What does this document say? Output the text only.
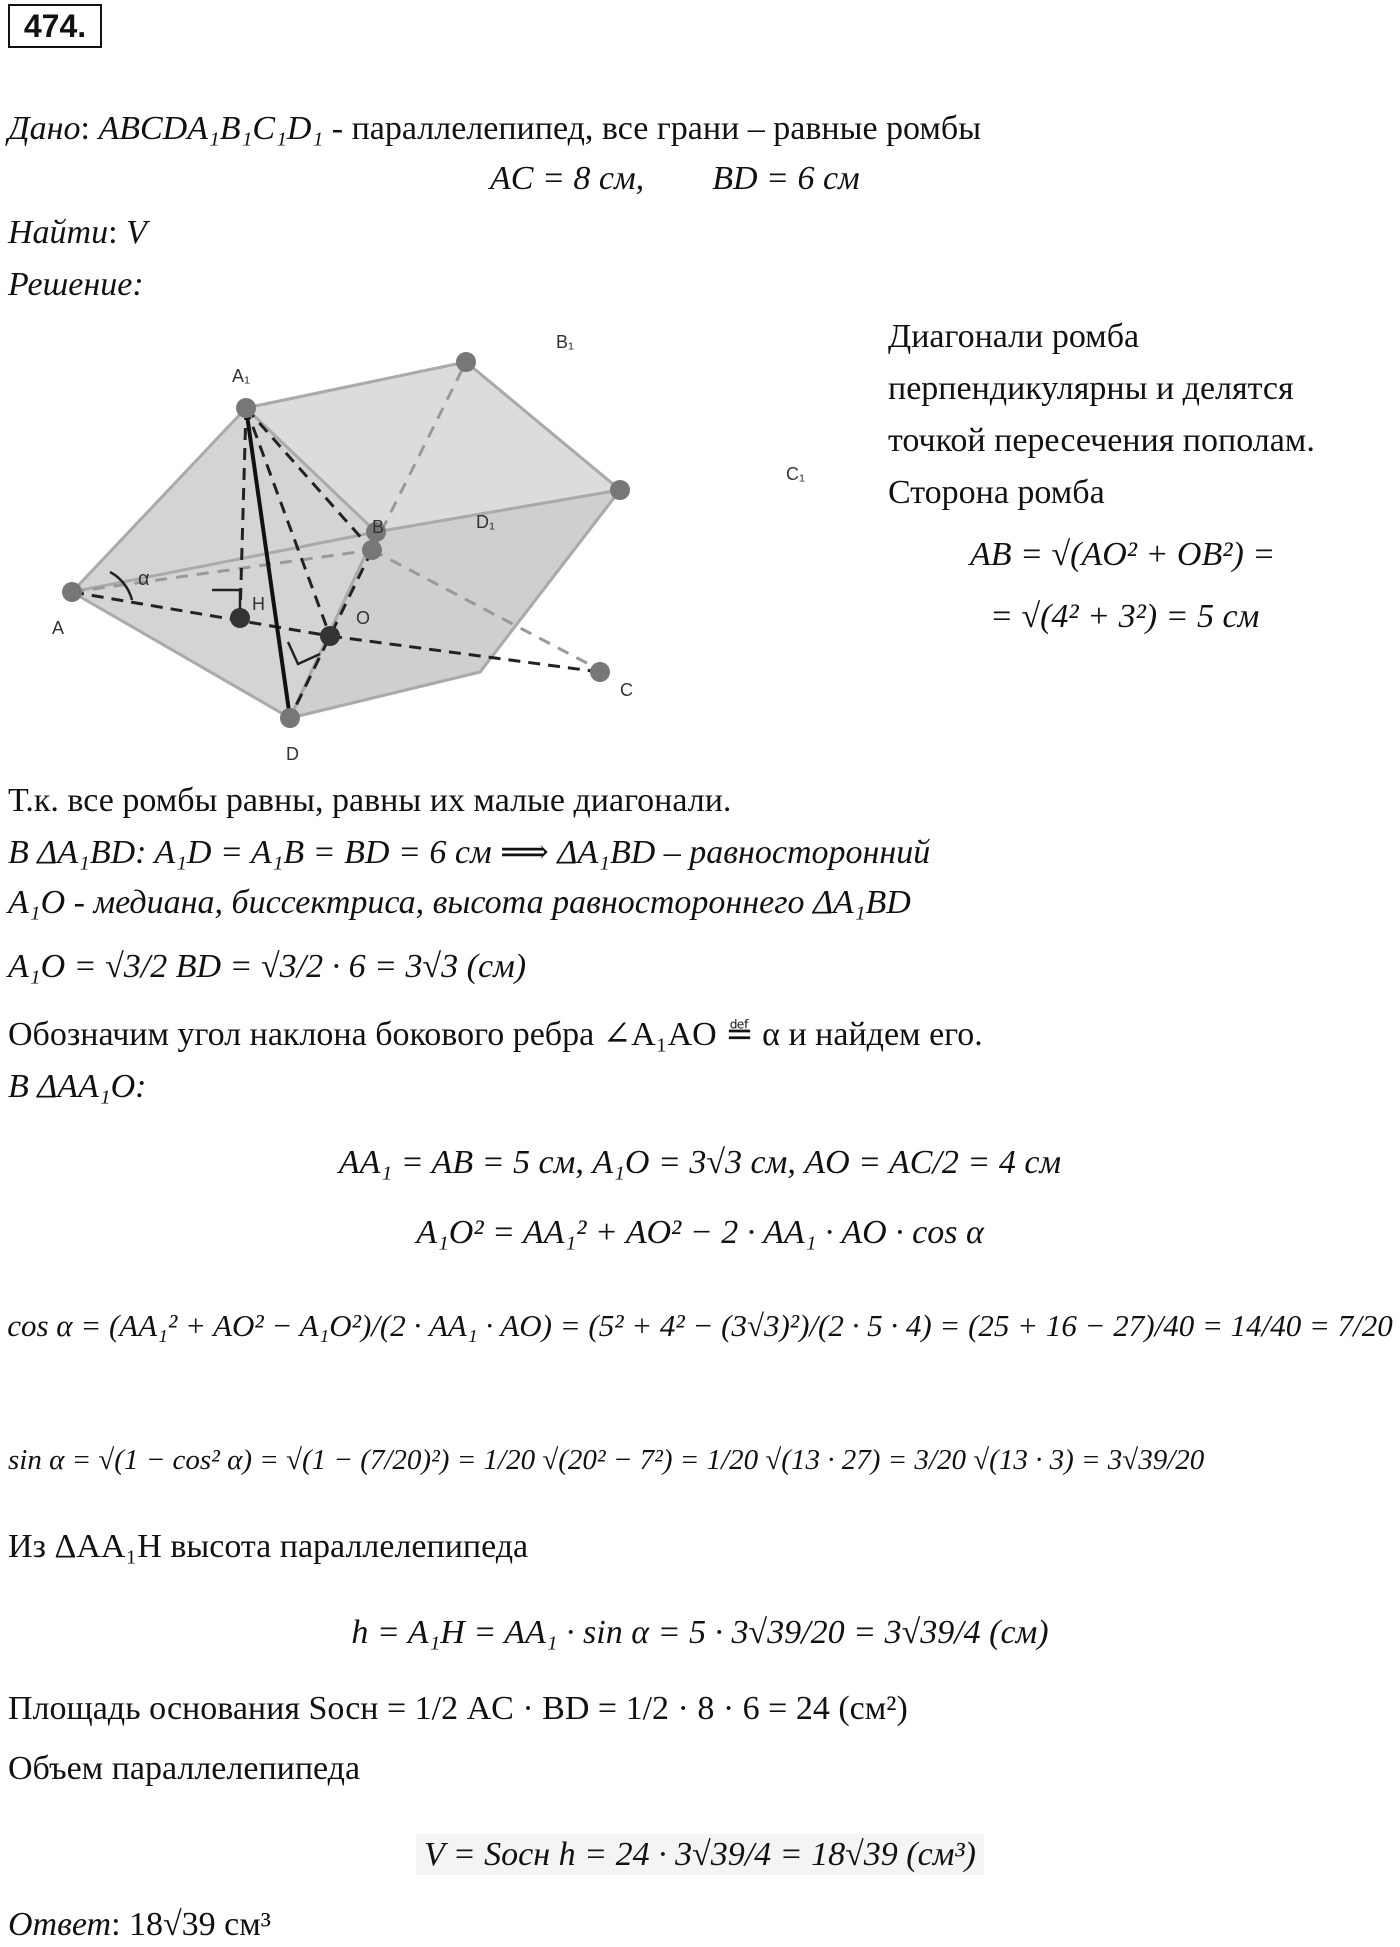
474.
Дано: ABCDA₁B₁C₁D₁ - параллелепипед, все грани – равные ромбы
AC = 8 см, BD = 6 см
Найти: V
Решение:
Диагонали ромба
перпендикулярны и делятся
точкой пересечения пополам.
Сторона ромба
AB = √(AO² + OB²) =
= √(4² + 3²) = 5 см
α
A
A₁
B
B₁
C
C₁
D
D₁
O
H
Т.к. все ромбы равны, равны их малые диагонали.
В ΔA₁BD: A₁D = A₁B = BD = 6 см ⟹ ΔA₁BD – равносторонний
A₁O - медиана, биссектриса, высота равностороннего ΔA₁BD
A₁O = √3/2 BD = √3/2 · 6 = 3√3 (см)
Обозначим угол наклона бокового ребра ∠A₁AO ≝ α и найдем его.
В ΔAA₁O:
AA₁ = AB = 5 см, A₁O = 3√3 см, AO = AC/2 = 4 см
A₁O² = AA₁² + AO² − 2 · AA₁ · AO · cos α
cos α = (AA₁² + AO² − A₁O²)/(2 · AA₁ · AO) = (5² + 4² − (3√3)²)/(2 · 5 · 4) = (25 + 16 − 27)/40 = 14/40 = 7/20
sin α = √(1 − cos² α) = √(1 − (7/20)²) = 1/20 √(20² − 7²) = 1/20 √(13 · 27) = 3/20 √(13 · 3) = 3√39/20
Из ΔAA₁H высота параллелепипеда
h = A₁H = AA₁ · sin α = 5 · 3√39/20 = 3√39/4 (см)
Площадь основания Sосн = 1/2 AC · BD = 1/2 · 8 · 6 = 24 (см²)
Объем параллелепипеда
V = Sосн h = 24 · 3√39/4 = 18√39 (см³)
Ответ: 18√39 см³
